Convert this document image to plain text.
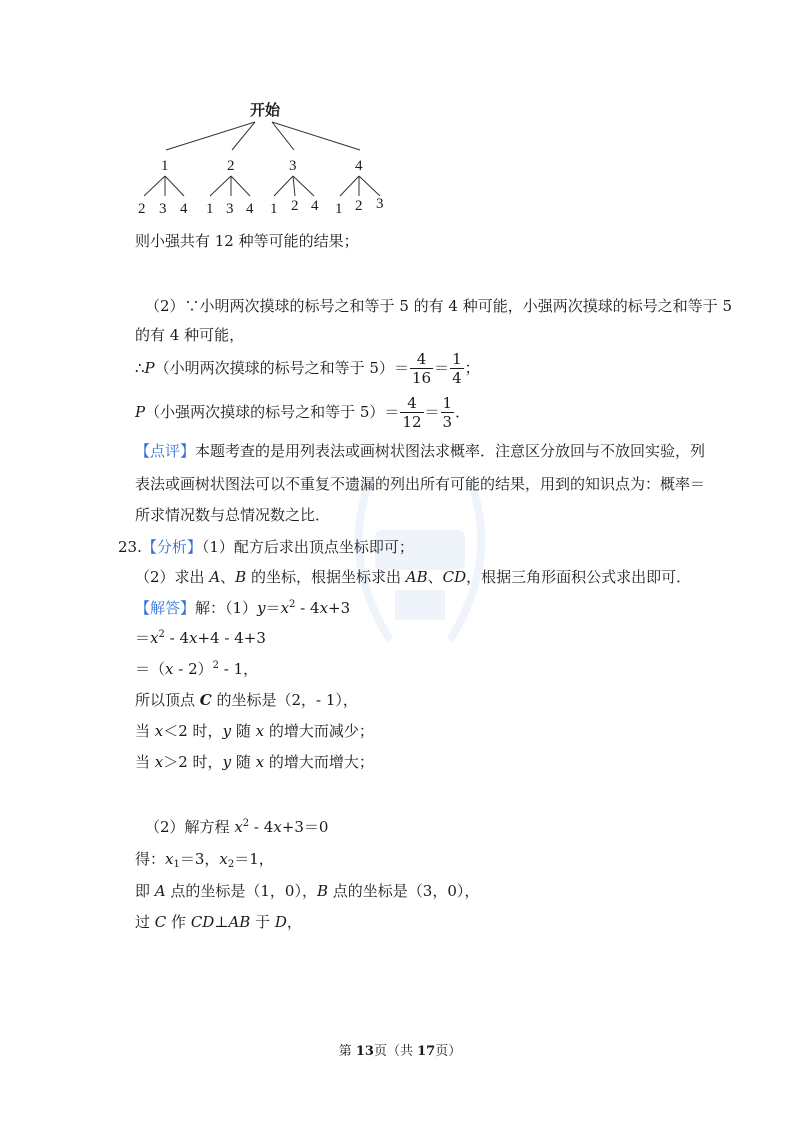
开始
1	2	3	4
2 3 4 1 3 4 1 2 4 1 2 3
则小强共有 12 种等可能的结果；
（2）∵小明两次摸球的标号之和等于 5 的有 4 种可能，小强两次摸球的标号之和等于 5
的有 4 种可能，
∴P（小明两次摸球的标号之和等于 $5)= \frac{4}{16} = \frac{1}{4}$ ；
P（小强两次摸球的标号之和等于 $5)= \frac{4}{12} = \frac{1}{3}$ ．
【点评】本题考查的是用列表法或画树状图法求概率．注意区分放回与不放回实验，列
表法或画树状图法可以不重复不遗漏的列出所有可能的结果，用到的知识点为：概率＝
所求情况数与总情况数之比．
23.【分析】（1）配方后求出顶点坐标即可；
（2）求出 A、B 的坐标，根据坐标求出 AB、CD，根据三角形面积公式求出即可．
【解答】解：$(1)y=x^2 - 4x+3$
$=x^2 - 4x+4 - 4+3$
＝（x - 2）$^2$ - 1，
所以顶点 C 的坐标是（2，- 1），
当 x＜2 时，y 随 x 的增大而减少；
当 x＞2 时，y 随 x 的增大而增大；
（2）解方程 $x^2 - 4x+3=0$
得：$x_1=3$，$x_2=1$，
即 A 点的坐标是（1，0），B 点的坐标是（3，0），
过 C 作 CD⊥AB 于 D，
第 13页（共 17页）
